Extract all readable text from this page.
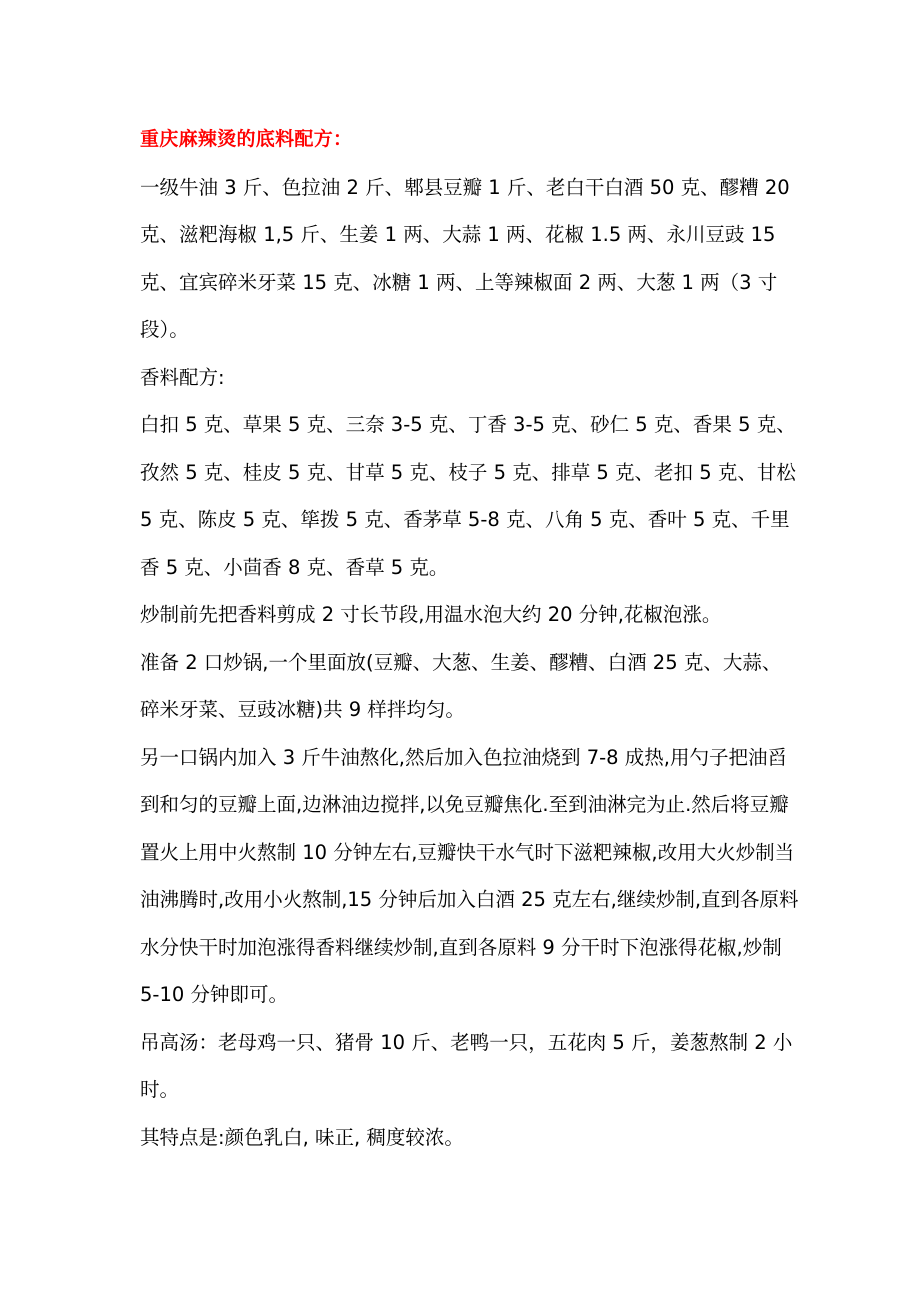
重庆麻辣烫的底料配方：

一级牛油 3 斤、色拉油 2 斤、郫县豆瓣 1 斤、老白干白酒 50 克、醪糟 20 克、滋粑海椒 1,5 斤、生姜 1 两、大蒜 1 两、花椒 1.5 两、永川豆豉 15 克、宜宾碎米牙菜 15 克、冰糖 1 两、上等辣椒面 2 两、大葱 1 两（3 寸段）。

香料配方:

白扣 5 克、草果 5 克、三奈 3-5 克、丁香 3-5 克、砂仁 5 克、香果 5 克、孜然 5 克、桂皮 5 克、甘草 5 克、枝子 5 克、排草 5 克、老扣 5 克、甘松 5 克、陈皮 5 克、筚拨 5 克、香茅草 5-8 克、八角 5 克、香叶 5 克、千里香 5 克、小茴香 8 克、香草 5 克。

炒制前先把香料剪成 2 寸长节段,用温水泡大约 20 分钟,花椒泡涨。

准备 2 口炒锅,一个里面放(豆瓣、大葱、生姜、醪糟、白酒 25 克、大蒜、碎米牙菜、豆豉冰糖)共 9 样拌均匀。

另一口锅内加入 3 斤牛油熬化,然后加入色拉油烧到 7-8 成热,用勺子把油舀到和匀的豆瓣上面,边淋油边搅拌,以免豆瓣焦化.至到油淋完为止.然后将豆瓣置火上用中火熬制 10 分钟左右,豆瓣快干水气时下滋粑辣椒,改用大火炒制当油沸腾时,改用小火熬制,15 分钟后加入白酒 25 克左右,继续炒制,直到各原料水分快干时加泡涨得香料继续炒制,直到各原料 9 分干时下泡涨得花椒,炒制 5-10 分钟即可。

吊高汤：老母鸡一只、猪骨 10 斤、老鸭一只，五花肉 5 斤，姜葱熬制 2 小时。

其特点是:颜色乳白, 味正, 稠度较浓。
